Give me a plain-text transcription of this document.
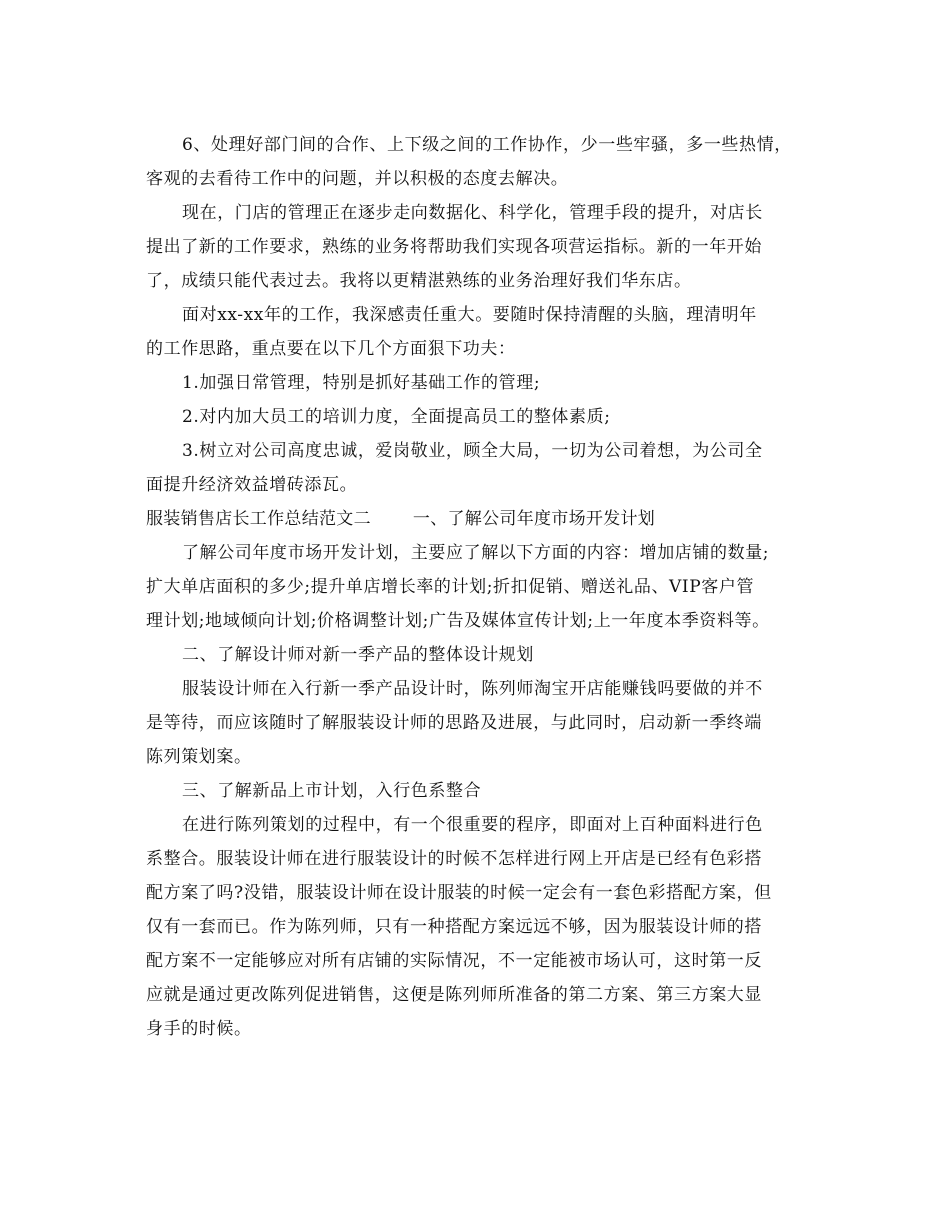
6、处理好部门间的合作、上下级之间的工作协作，少一些牢骚，多一些热情，
客观的去看待工作中的问题，并以积极的态度去解决。
现在，门店的管理正在逐步走向数据化、科学化，管理手段的提升，对店长
提出了新的工作要求，熟练的业务将帮助我们实现各项营运指标。新的一年开始
了，成绩只能代表过去。我将以更精湛熟练的业务治理好我们华东店。
面对xx-xx年的工作，我深感责任重大。要随时保持清醒的头脑，理清明年
的工作思路，重点要在以下几个方面狠下功夫：
1.加强日常管理，特别是抓好基础工作的管理;
2.对内加大员工的培训力度，全面提高员工的整体素质;
3.树立对公司高度忠诚，爱岗敬业，顾全大局，一切为公司着想，为公司全
面提升经济效益增砖添瓦。
服装销售店长工作总结范文二 一、了解公司年度市场开发计划
了解公司年度市场开发计划，主要应了解以下方面的内容：增加店铺的数量;
扩大单店面积的多少;提升单店增长率的计划;折扣促销、赠送礼品、VIP客户管
理计划;地域倾向计划;价格调整计划;广告及媒体宣传计划;上一年度本季资料等。
二、了解设计师对新一季产品的整体设计规划
服装设计师在入行新一季产品设计时，陈列师淘宝开店能赚钱吗要做的并不
是等待，而应该随时了解服装设计师的思路及进展，与此同时，启动新一季终端
陈列策划案。
三、了解新品上市计划，入行色系整合
在进行陈列策划的过程中，有一个很重要的程序，即面对上百种面料进行色
系整合。服装设计师在进行服装设计的时候不怎样进行网上开店是已经有色彩搭
配方案了吗?没错，服装设计师在设计服装的时候一定会有一套色彩搭配方案，但
仅有一套而已。作为陈列师，只有一种搭配方案远远不够，因为服装设计师的搭
配方案不一定能够应对所有店铺的实际情况，不一定能被市场认可，这时第一反
应就是通过更改陈列促进销售，这便是陈列师所准备的第二方案、第三方案大显
身手的时候。
